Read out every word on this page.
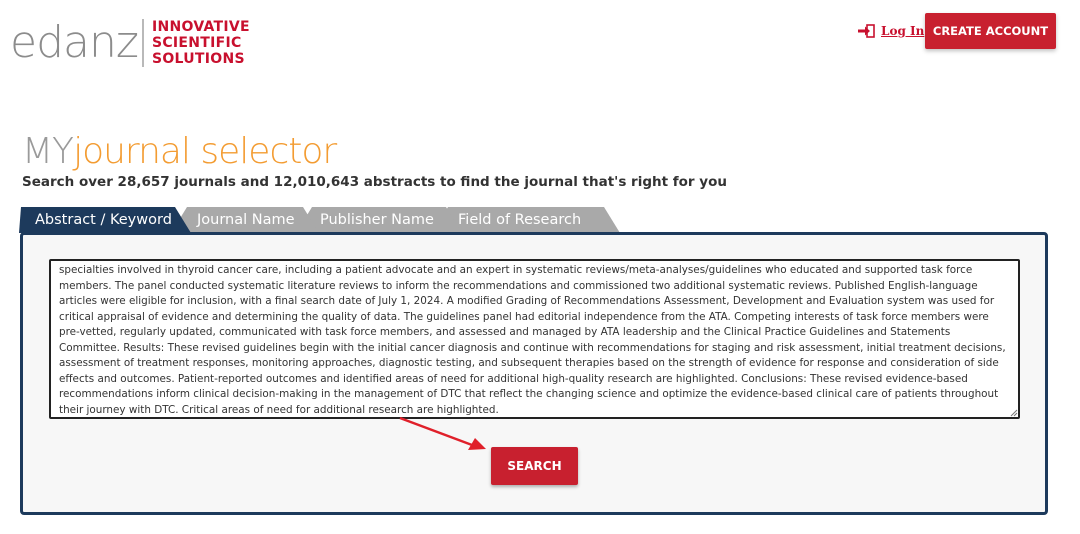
edanz INNOVATIVE
SCIENTIFIC
SOLUTIONS
Log In CREATE ACCOUNT
MYjournal selector
Search over 28,657 journals and 12,010,643 abstracts to find the journal that's right for you
Field of Research
Publisher Name
Journal Name
Abstract / Keyword
specialties involved in thyroid cancer care, including a patient advocate and an expert in systematic reviews/meta-analyses/guidelines who educated and supported task force members. The panel conducted systematic literature reviews to inform the recommendations and commissioned two additional systematic reviews. Published English-language articles were eligible for inclusion, with a final search date of July 1, 2024. A modified Grading of Recommendations Assessment, Development and Evaluation system was used for critical appraisal of evidence and determining the quality of data. The guidelines panel had editorial independence from the ATA. Competing interests of task force members were pre-vetted, regularly updated, communicated with task force members, and assessed and managed by ATA leadership and the Clinical Practice Guidelines and Statements Committee. Results: These revised guidelines begin with the initial cancer diagnosis and continue with recommendations for staging and risk assessment, initial treatment decisions, assessment of treatment responses, monitoring approaches, diagnostic testing, and subsequent therapies based on the strength of evidence for response and consideration of side effects and outcomes. Patient-reported outcomes and identified areas of need for additional high-quality research are highlighted. Conclusions: These revised evidence-based recommendations inform clinical decision-making in the management of DTC that reflect the changing science and optimize the evidence-based clinical care of patients throughout their journey with DTC. Critical areas of need for additional research are highlighted.
SEARCH
